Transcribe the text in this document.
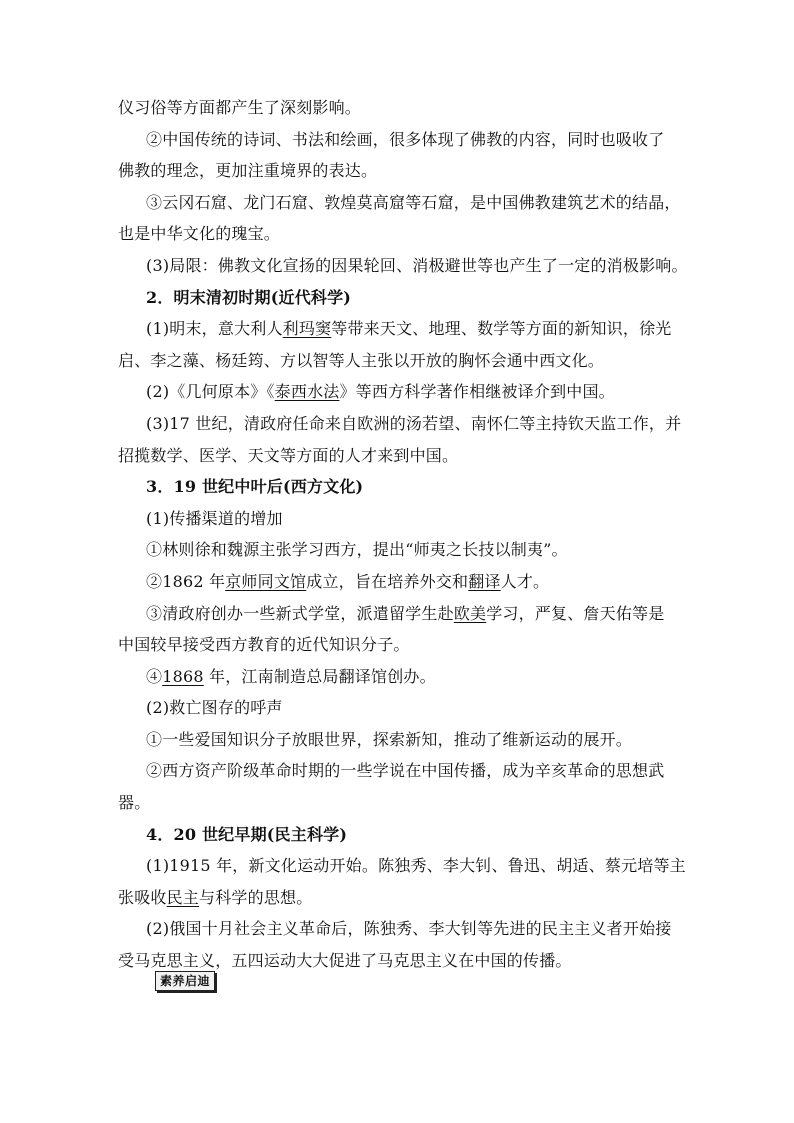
仪习俗等方面都产生了深刻影响。
②中国传统的诗词、书法和绘画，很多体现了佛教的内容，同时也吸收了
佛教的理念，更加注重境界的表达。
③云冈石窟、龙门石窟、敦煌莫高窟等石窟，是中国佛教建筑艺术的结晶，
也是中华文化的瑰宝。
(3)局限：佛教文化宣扬的因果轮回、消极避世等也产生了一定的消极影响。
2．明末清初时期(近代科学)
(1)明末，意大利人利玛窦等带来天文、地理、数学等方面的新知识，徐光
启、李之藻、杨廷筠、方以智等人主张以开放的胸怀会通中西文化。
(2)《几何原本》《泰西水法》等西方科学著作相继被译介到中国。
(3)17 世纪，清政府任命来自欧洲的汤若望、南怀仁等主持钦天监工作，并
招揽数学、医学、天文等方面的人才来到中国。
3．19 世纪中叶后(西方文化)
(1)传播渠道的增加
①林则徐和魏源主张学习西方，提出“师夷之长技以制夷”。
②1862 年京师同文馆成立，旨在培养外交和翻译人才。
③清政府创办一些新式学堂，派遣留学生赴欧美学习，严复、詹天佑等是
中国较早接受西方教育的近代知识分子。
④1868 年，江南制造总局翻译馆创办。
(2)救亡图存的呼声
①一些爱国知识分子放眼世界，探索新知，推动了维新运动的展开。
②西方资产阶级革命时期的一些学说在中国传播，成为辛亥革命的思想武
器。
4．20 世纪早期(民主科学)
(1)1915 年，新文化运动开始。陈独秀、李大钊、鲁迅、胡适、蔡元培等主
张吸收民主与科学的思想。
(2)俄国十月社会主义革命后，陈独秀、李大钊等先进的民主主义者开始接
受马克思主义，五四运动大大促进了马克思主义在中国的传播。
素养启迪
